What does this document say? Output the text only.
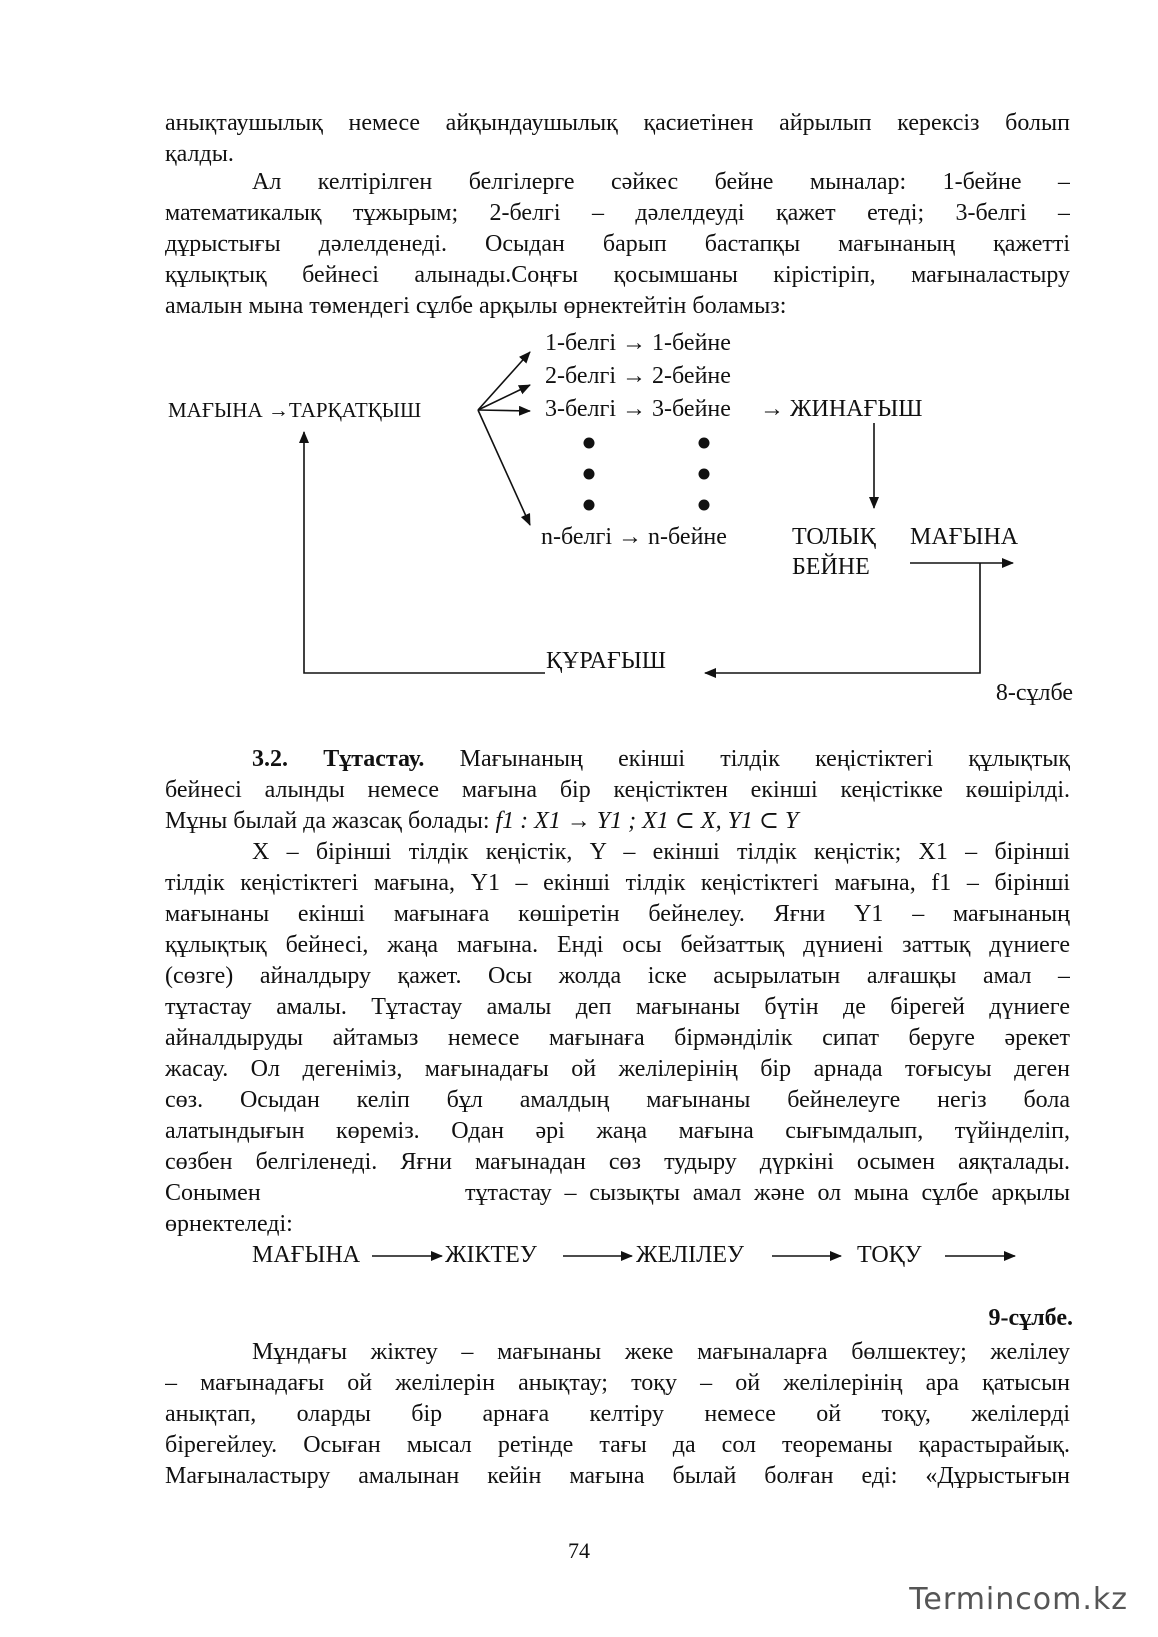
анықтаушылық немесе айқындаушылық қасиетінен айрылып керексіз болып
қалды.
Ал келтірілген белгілерге сәйкес бейне мыналар: 1-бейне –
математикалық тұжырым; 2-белгі – дәлелдеуді қажет етеді; 3-белгі –
дұрыстығы дәлелденеді. Осыдан барып бастапқы мағынаның қажетті
құлықтық бейнесі алынады.Соңғы қосымшаны кірістіріп, мағыналастыру
амалын мына төмендегі сұлбе арқылы өрнектейтін боламыз:
МАҒЫНА →ТАРҚАТҚЫШ
1-белгі → 1-бейне
2-белгі → 2-бейне
3-белгі → 3-бейне → ЖИНАҒЫШ
n-белгі → n-бейне	ТОЛЫҚ
БЕЙНЕ
МАҒЫНА
ҚҰРАҒЫШ
8-сұлбе
3.2. Тұтастау. Мағынаның екінші тілдік кеңістіктегі құлықтық
бейнесі алынды немесе мағына бір кеңістіктен екінші кеңістікке көшірілді.
Мұны былай да жазсақ болады: f1 : X1 → Y1 ; X1 ⊂ X, Y1 ⊂ Y
X – бірінші тілдік кеңістік, Y – екінші тілдік кеңістік; X1 – бірінші
тілдік кеңістіктегі мағына, Y1 – екінші тілдік кеңістіктегі мағына, f1 – бірінші
мағынаны екінші мағынаға көшіретін бейнелеу. Яғни Y1 – мағынаның
құлықтық бейнесі, жаңа мағына. Енді осы бейзаттық дүниені заттық дүниеге
(сөзге) айналдыру қажет. Осы жолда іске асырылатын алғашқы амал –
тұтастау амалы. Тұтастау амалы деп мағынаны бүтін де бірегей дүниеге
айналдыруды айтамыз немесе мағынаға бірмәнділік сипат беруге әрекет
жасау. Ол дегеніміз, мағынадағы ой желілерінің бір арнада тоғысуы деген
сөз. Осыдан келіп бұл амалдың мағынаны бейнелеуге негіз бола
алатындығын көреміз. Одан әрі жаңа мағына сығымдалып, түйінделіп,
сөзбен белгіленеді. Яғни мағынадан сөз тудыру дүркіні осымен аяқталады.
Сонымен                тұтастау – сызықты амал және ол мына сұлбе арқылы
өрнектеледі:
МАҒЫНА	ЖІКТЕУ	ЖЕЛІЛЕУ	ТОҚУ
9-сұлбе.
Мұндағы жіктеу – мағынаны жеке мағыналарға бөлшектеу; желілеу
– мағынадағы ой желілерін анықтау; тоқу – ой желілерінің ара қатысын
анықтап, оларды бір арнаға келтіру немесе ой тоқу, желілерді
бірегейлеу. Осыған мысал ретінде тағы да сол теореманы қарастырайық.
Мағыналастыру амалынан кейін мағына былай болған еді: «Дұрыстығын
74
Termincom.kz
